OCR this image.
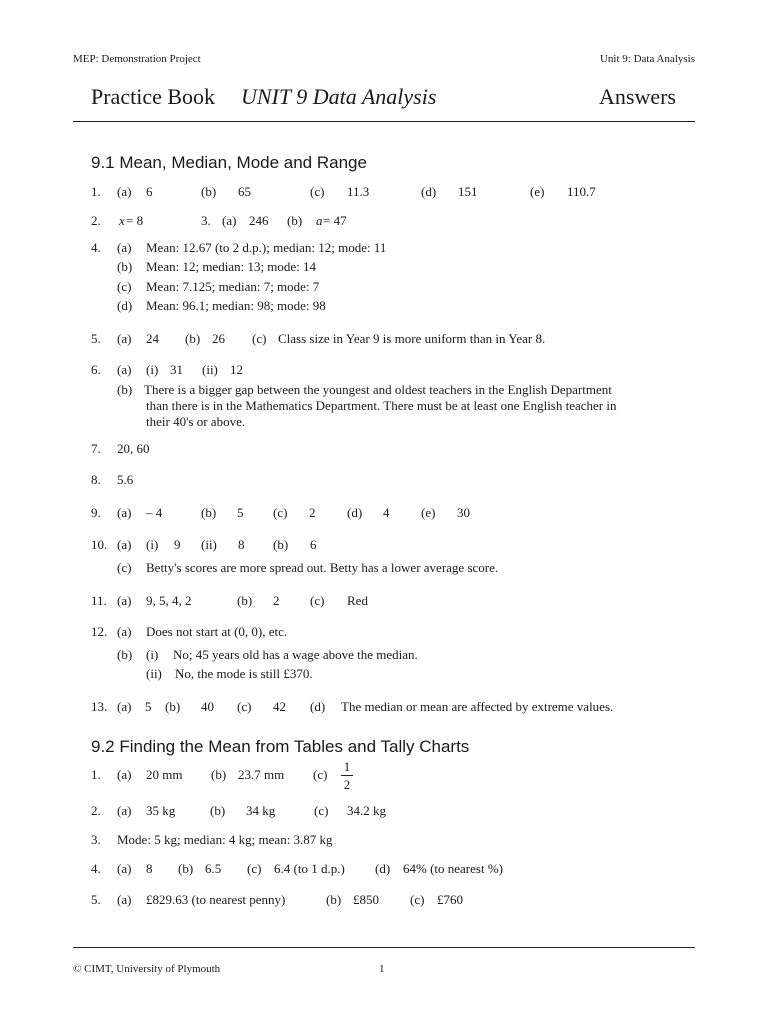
MEP: Demonstration Project	Unit 9: Data Analysis
Practice Book UNIT 9 Data Analysis	Answers
9.1 Mean, Median, Mode and Range
1. (a) 6	(b) 65	(c) 11.3	(d) 151	(e) 110.7
2. x = 8	3. (a) 246 (b) a = 47
4. (a) Mean: 12.67 (to 2 d.p.); median: 12; mode: 11
(b) Mean: 12; median: 13; mode: 14
(c) Mean: 7.125; median: 7; mode: 7
(d) Mean: 96.1; median: 98; mode: 98
5. (a) 24 (b) 26 (c) Class size in Year 9 is more uniform than in Year 8.
6. (a) (i) 31 (ii) 12
(b) There is a bigger gap between the youngest and oldest teachers in the English Department
than there is in the Mathematics Department. There must be at least one English teacher in
their 40's or above.
7. 20, 60
8. 5.6
9. (a) – 4	(b) 5 (c) 2 (d) 4 (e) 30
10. (a) (i) 9 (ii) 8 (b) 6
(c) Betty's scores are more spread out. Betty has a lower average score.
11. (a) 9, 5, 4, 2	(b) 2 (c) Red
12. (a) Does not start at (0, 0), etc.
(b) (i) No; 45 years old has a wage above the median.
(ii) No, the mode is still £370.
13. (a) 5 (b) 40 (c) 42 (d) The median or mean are affected by extreme values.
9.2 Finding the Mean from Tables and Tally Charts
1. (a) 20 mm (b) 23.7 mm (c)
1
2
2. (a) 35 kg	(b) 34 kg	(c) 34.2 kg
3. Mode: 5 kg; median: 4 kg; mean: 3.87 kg
4. (a) 8 (b) 6.5 (c) 6.4 (to 1 d.p.) (d) 64% (to nearest %)
5. (a) £829.63 (to nearest penny)	(b) £850 (c) £760
© CIMT, University of Plymouth	1
